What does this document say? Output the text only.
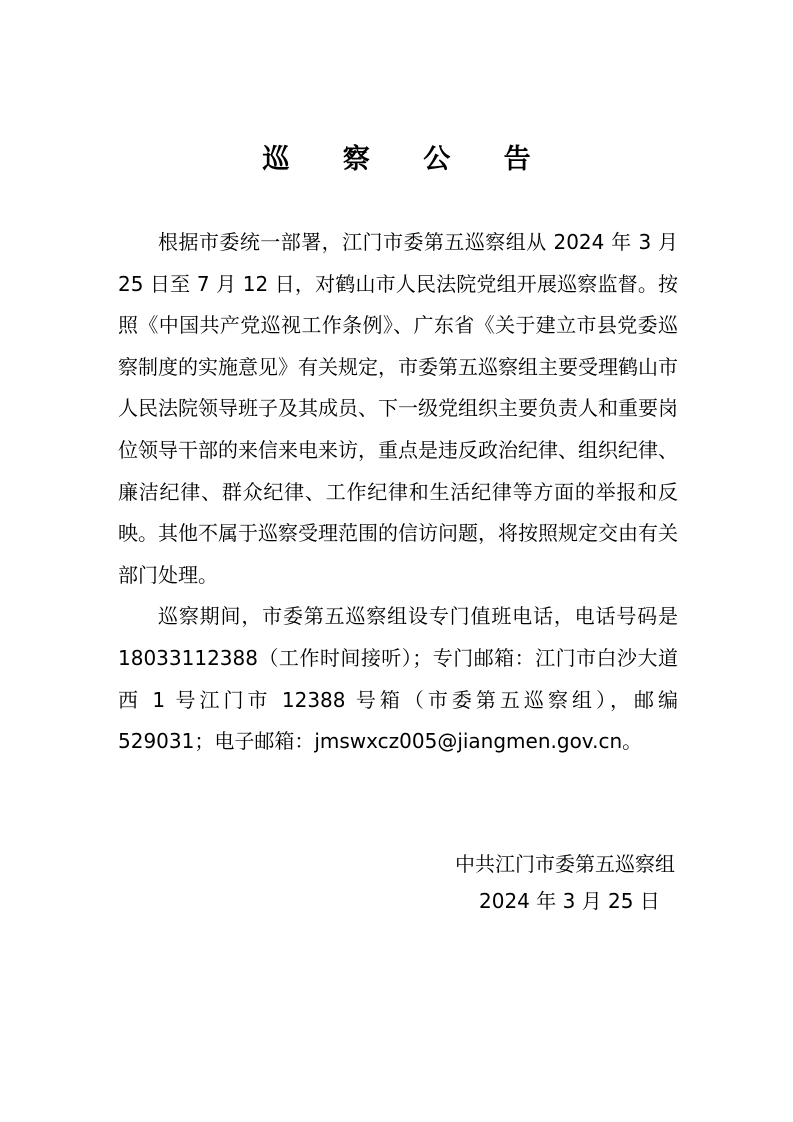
巡 察 公 告

根据市委统一部署，江门市委第五巡察组从 2024 年 3 月 25 日至 7 月 12 日，对鹤山市人民法院党组开展巡察监督。按照《中国共产党巡视工作条例》、广东省《关于建立市县党委巡察制度的实施意见》有关规定，市委第五巡察组主要受理鹤山市人民法院领导班子及其成员、下一级党组织主要负责人和重要岗位领导干部的来信来电来访，重点是违反政治纪律、组织纪律、廉洁纪律、群众纪律、工作纪律和生活纪律等方面的举报和反映。其他不属于巡察受理范围的信访问题，将按照规定交由有关部门处理。

巡察期间，市委第五巡察组设专门值班电话，电话号码是 18033112388（工作时间接听）；专门邮箱：江门市白沙大道西 1 号江门市 12388 号箱（市委第五巡察组），邮编 529031；电子邮箱：jmswxcz005@jiangmen.gov.cn。

中共江门市委第五巡察组
2024 年 3 月 25 日
